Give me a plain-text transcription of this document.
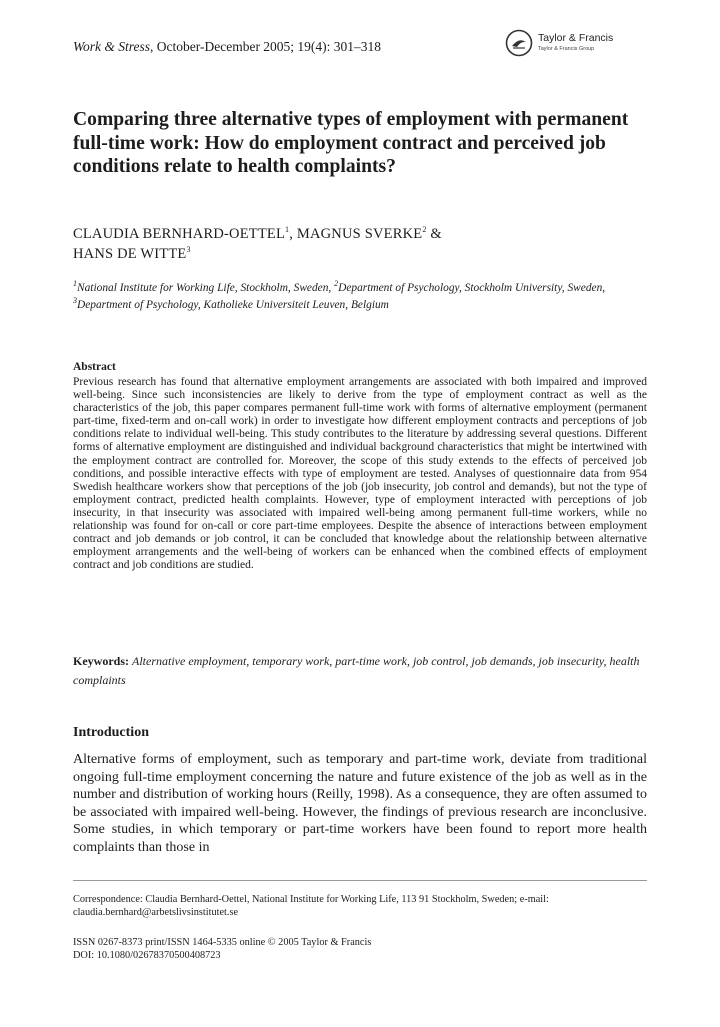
Work & Stress, October-December 2005; 19(4): 301–318
Taylor & Francis
Taylor & Francis Group
Comparing three alternative types of employment with permanent full-time work: How do employment contract and perceived job conditions relate to health complaints?
CLAUDIA BERNHARD-OETTEL$^1$, MAGNUS SVERKE$^2$ &
HANS DE WITTE$^3$
$^1$National Institute for Working Life, Stockholm, Sweden, $^2$Department of Psychology, Stockholm University, Sweden, $^3$Department of Psychology, Katholieke Universiteit Leuven, Belgium
Abstract
Previous research has found that alternative employment arrangements are associated with both impaired and improved well-being. Since such inconsistencies are likely to derive from the type of employment contract as well as the characteristics of the job, this paper compares permanent full-time work with forms of alternative employment (permanent part-time, fixed-term and on-call work) in order to investigate how different employment contracts and perceptions of job conditions relate to individual well-being. This study contributes to the literature by addressing several questions. Different forms of alternative employment are distinguished and individual background characteristics that might be intertwined with the employment contract are controlled for. Moreover, the scope of this study extends to the effects of perceived job conditions, and possible interactive effects with type of employment are tested. Analyses of questionnaire data from 954 Swedish healthcare workers show that perceptions of the job (job insecurity, job control and demands), but not the type of employment contract, predicted health complaints. However, type of employment interacted with perceptions of job insecurity, in that insecurity was associated with impaired well-being among permanent full-time workers, while no relationship was found for on-call or core part-time employees. Despite the absence of interactions between employment contract and job demands or job control, it can be concluded that knowledge about the relationship between alternative employment arrangements and the well-being of workers can be enhanced when the combined effects of employment contract and job conditions are studied.
Keywords: Alternative employment, temporary work, part-time work, job control, job demands, job insecurity, health complaints
Introduction
Alternative forms of employment, such as temporary and part-time work, deviate from traditional ongoing full-time employment concerning the nature and future existence of the job as well as in the number and distribution of working hours (Reilly, 1998). As a consequence, they are often assumed to be associated with impaired well-being. However, the findings of previous research are inconclusive. Some studies, in which temporary or part-time workers have been found to report more health complaints than those in
Correspondence: Claudia Bernhard-Oettel, National Institute for Working Life, 113 91 Stockholm, Sweden; e-mail: claudia.bernhard@arbetslivsinstitutet.se
ISSN 0267-8373 print/ISSN 1464-5335 online © 2005 Taylor & Francis
DOI: 10.1080/02678370500408723
